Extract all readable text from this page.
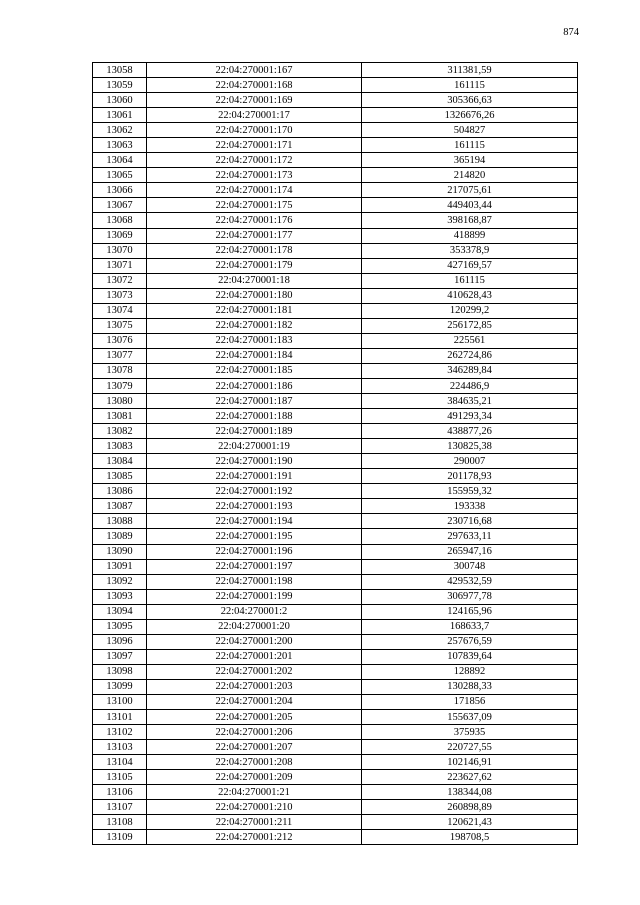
874
13058	22:04:270001:167	311381,59
13059	22:04:270001:168	161115
13060	22:04:270001:169	305366,63
13061	22:04:270001:17	1326676,26
13062	22:04:270001:170	504827
13063	22:04:270001:171	161115
13064	22:04:270001:172	365194
13065	22:04:270001:173	214820
13066	22:04:270001:174	217075,61
13067	22:04:270001:175	449403,44
13068	22:04:270001:176	398168,87
13069	22:04:270001:177	418899
13070	22:04:270001:178	353378,9
13071	22:04:270001:179	427169,57
13072	22:04:270001:18	161115
13073	22:04:270001:180	410628,43
13074	22:04:270001:181	120299,2
13075	22:04:270001:182	256172,85
13076	22:04:270001:183	225561
13077	22:04:270001:184	262724,86
13078	22:04:270001:185	346289,84
13079	22:04:270001:186	224486,9
13080	22:04:270001:187	384635,21
13081	22:04:270001:188	491293,34
13082	22:04:270001:189	438877,26
13083	22:04:270001:19	130825,38
13084	22:04:270001:190	290007
13085	22:04:270001:191	201178,93
13086	22:04:270001:192	155959,32
13087	22:04:270001:193	193338
13088	22:04:270001:194	230716,68
13089	22:04:270001:195	297633,11
13090	22:04:270001:196	265947,16
13091	22:04:270001:197	300748
13092	22:04:270001:198	429532,59
13093	22:04:270001:199	306977,78
13094	22:04:270001:2	124165,96
13095	22:04:270001:20	168633,7
13096	22:04:270001:200	257676,59
13097	22:04:270001:201	107839,64
13098	22:04:270001:202	128892
13099	22:04:270001:203	130288,33
13100	22:04:270001:204	171856
13101	22:04:270001:205	155637,09
13102	22:04:270001:206	375935
13103	22:04:270001:207	220727,55
13104	22:04:270001:208	102146,91
13105	22:04:270001:209	223627,62
13106	22:04:270001:21	138344,08
13107	22:04:270001:210	260898,89
13108	22:04:270001:211	120621,43
13109	22:04:270001:212	198708,5
